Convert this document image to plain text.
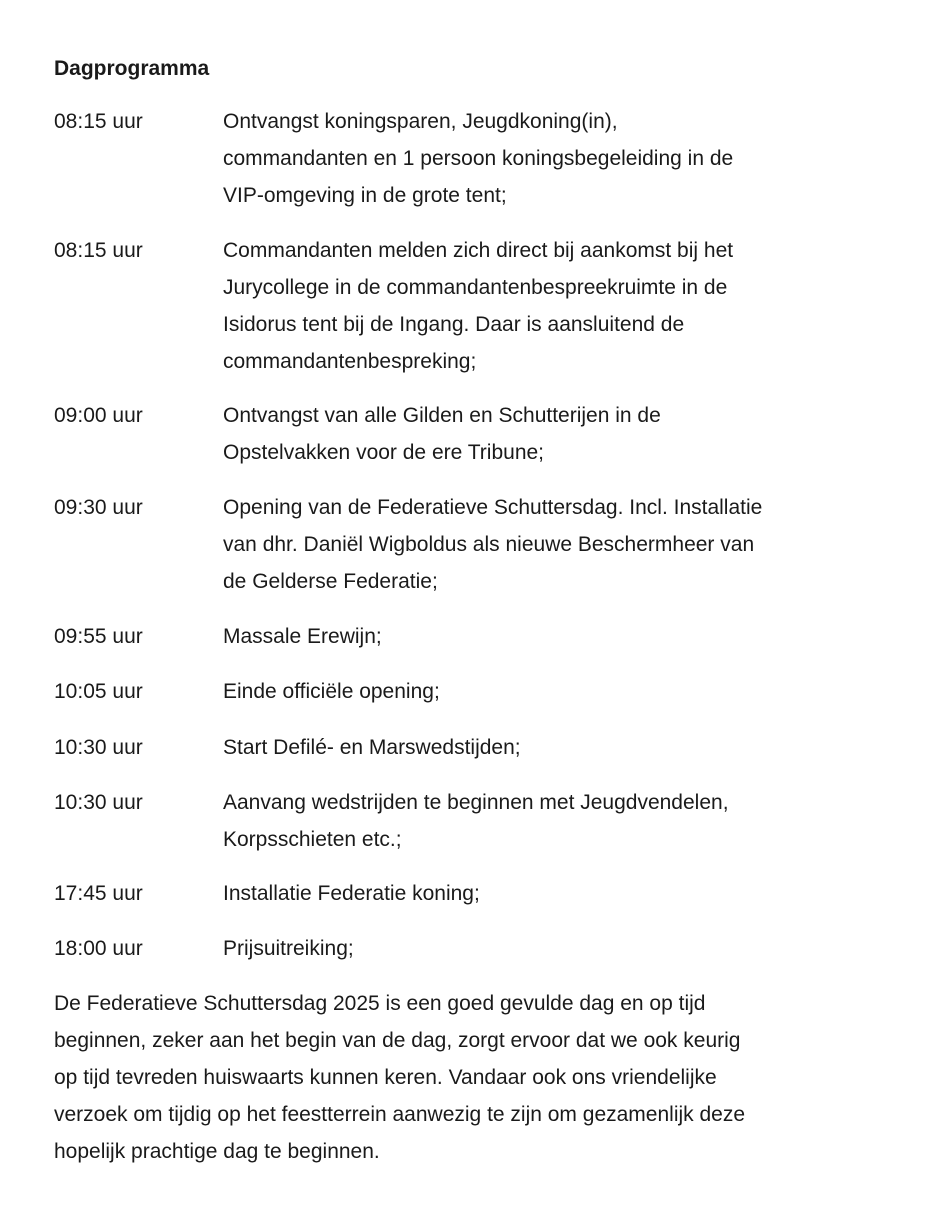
Dagprogramma
08:15 uur	Ontvangst koningsparen, Jeugdkoning(in),
commandanten en 1 persoon koningsbegeleiding in de
VIP-omgeving in de grote tent;
08:15 uur	Commandanten melden zich direct bij aankomst bij het
Jurycollege in de commandantenbespreekruimte in de
Isidorus tent bij de Ingang. Daar is aansluitend de
commandantenbespreking;
09:00 uur	Ontvangst van alle Gilden en Schutterijen in de
Opstelvakken voor de ere Tribune;
09:30 uur	Opening van de Federatieve Schuttersdag. Incl. Installatie
van dhr. Daniël Wigboldus als nieuwe Beschermheer van
de Gelderse Federatie;
09:55 uur	Massale Erewijn;
10:05 uur	Einde officiële opening;
10:30 uur	Start Defilé- en Marswedstijden;
10:30 uur	Aanvang wedstrijden te beginnen met Jeugdvendelen,
Korpsschieten etc.;
17:45 uur	Installatie Federatie koning;
18:00 uur	Prijsuitreiking;
De Federatieve Schuttersdag 2025 is een goed gevulde dag en op tijd
beginnen, zeker aan het begin van de dag, zorgt ervoor dat we ook keurig
op tijd tevreden huiswaarts kunnen keren. Vandaar ook ons vriendelijke
verzoek om tijdig op het feestterrein aanwezig te zijn om gezamenlijk deze
hopelijk prachtige dag te beginnen.
